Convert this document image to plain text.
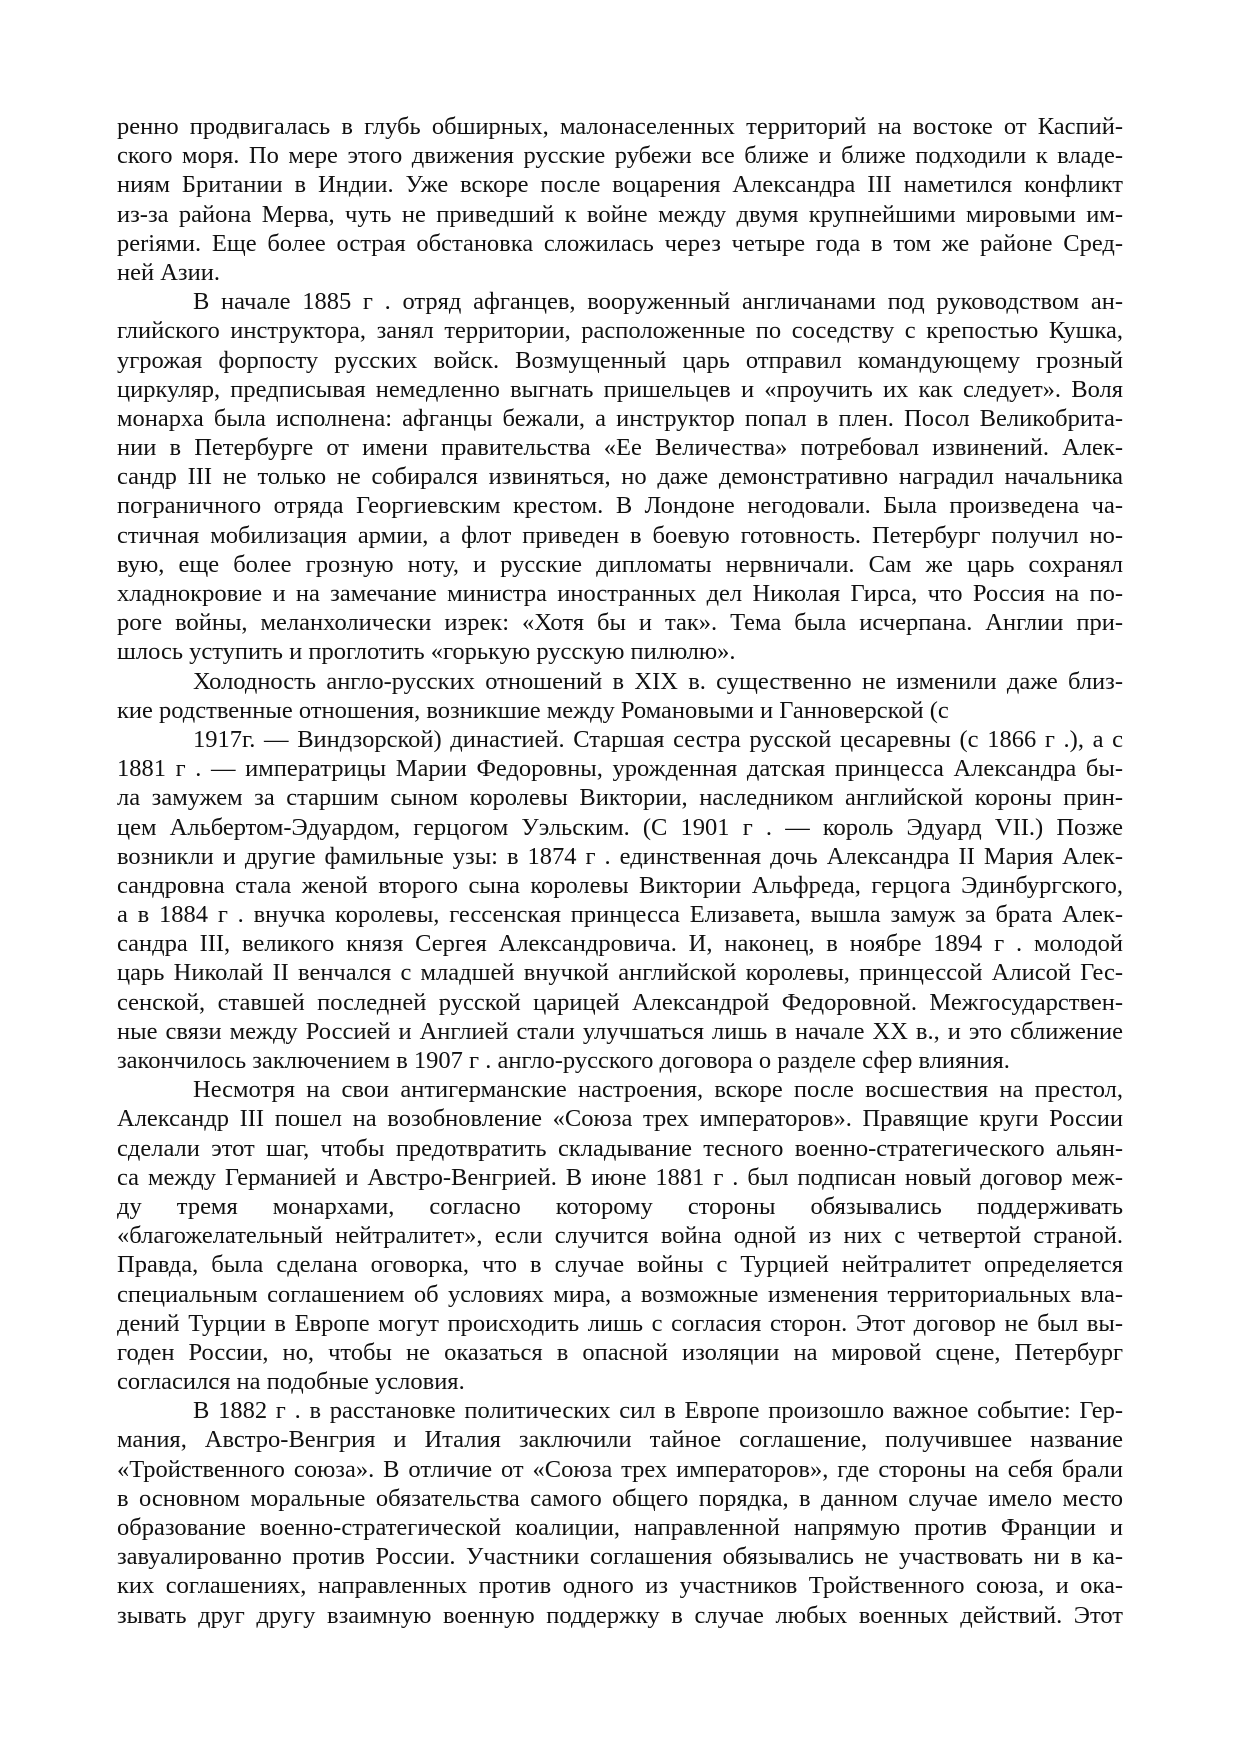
ренно продвигалась в глубь обширных, малонаселенных территорий на востоке от Каспий-
ского моря. По мере этого движения русские рубежи все ближе и ближе подходили к владе-
ниям Британии в Индии. Уже вскоре после воцарения Александра III наметился конфликт
из-за района Мерва, чуть не приведший к войне между двумя крупнейшими мировыми им-
periями. Еще более острая обстановка сложилась через четыре года в том же районе Сред-
ней Азии.
В начале 1885 г . отряд афганцев, вооруженный англичанами под руководством ан-
глийского инструктора, занял территории, расположенные по соседству с крепостью Кушка,
угрожая форпосту русских войск. Возмущенный царь отправил командующему грозный
циркуляр, предписывая немедленно выгнать пришельцев и «проучить их как следует». Воля
монарха была исполнена: афганцы бежали, а инструктор попал в плен. Посол Великобрита-
нии в Петербурге от имени правительства «Ее Величества» потребовал извинений. Алек-
сандр III не только не собирался извиняться, но даже демонстративно наградил начальника
пограничного отряда Георгиевским крестом. В Лондоне негодовали. Была произведена ча-
стичная мобилизация армии, а флот приведен в боевую готовность. Петербург получил но-
вую, еще более грозную ноту, и русские дипломаты нервничали. Сам же царь сохранял
хладнокровие и на замечание министра иностранных дел Николая Гирса, что Россия на по-
роге войны, меланхолически изрек: «Хотя бы и так». Тема была исчерпана. Англии при-
шлось уступить и проглотить «горькую русскую пилюлю».
Холодность англо-русских отношений в XIX в. существенно не изменили даже близ-
кие родственные отношения, возникшие между Романовыми и Ганноверской (с
1917г. — Виндзорской) династией. Старшая сестра русской цесаревны (с 1866 г .), а с
1881 г . — императрицы Марии Федоровны, урожденная датская принцесса Александра бы-
ла замужем за старшим сыном королевы Виктории, наследником английской короны прин-
цем Альбертом-Эдуардом, герцогом Уэльским. (С 1901 г . — король Эдуард VII.) Позже
возникли и другие фамильные узы: в 1874 г . единственная дочь Александра II Мария Алек-
сандровна стала женой второго сына королевы Виктории Альфреда, герцога Эдинбургского,
а в 1884 г . внучка королевы, гессенская принцесса Елизавета, вышла замуж за брата Алек-
сандра III, великого князя Сергея Александровича. И, наконец, в ноябре 1894 г . молодой
царь Николай II венчался с младшей внучкой английской королевы, принцессой Алисой Гес-
сенской, ставшей последней русской царицей Александрой Федоровной. Межгосударствен-
ные связи между Россией и Англией стали улучшаться лишь в начале XX в., и это сближение
закончилось заключением в 1907 г . англо-русского договора о разделе сфер влияния.
Несмотря на свои антигерманские настроения, вскоре после восшествия на престол,
Александр III пошел на возобновление «Союза трех императоров». Правящие круги России
сделали этот шаг, чтобы предотвратить складывание тесного военно-стратегического альян-
са между Германией и Австро-Венгрией. В июне 1881 г . был подписан новый договор меж-
ду тремя монархами, согласно которому стороны обязывались поддерживать
«благожелательный нейтралитет», если случится война одной из них с четвертой страной.
Правда, была сделана оговорка, что в случае войны с Турцией нейтралитет определяется
специальным соглашением об условиях мира, а возможные изменения территориальных вла-
дений Турции в Европе могут происходить лишь с согласия сторон. Этот договор не был вы-
годен России, но, чтобы не оказаться в опасной изоляции на мировой сцене, Петербург
согласился на подобные условия.
В 1882 г . в расстановке политических сил в Европе произошло важное событие: Гер-
мания, Австро-Венгрия и Италия заключили тайное соглашение, получившее название
«Тройственного союза». В отличие от «Союза трех императоров», где стороны на себя брали
в основном моральные обязательства самого общего порядка, в данном случае имело место
образование военно-стратегической коалиции, направленной напрямую против Франции и
завуалированно против России. Участники соглашения обязывались не участвовать ни в ка-
ких соглашениях, направленных против одного из участников Тройственного союза, и ока-
зывать друг другу взаимную военную поддержку в случае любых военных действий. Этот
